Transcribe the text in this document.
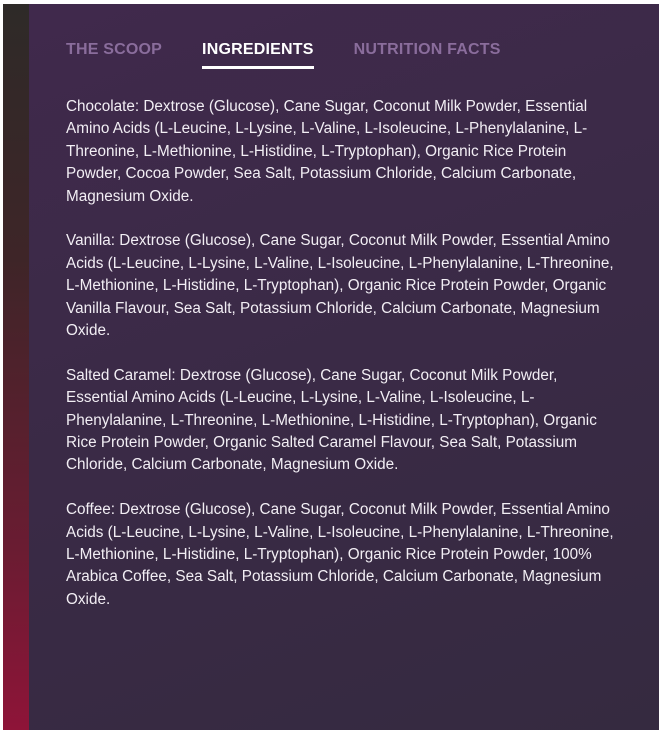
THE SCOOP	INGREDIENTS	NUTRITION FACTS

Chocolate: Dextrose (Glucose), Cane Sugar, Coconut Milk Powder, Essential Amino Acids (L-Leucine, L-Lysine, L-Valine, L-Isoleucine, L-Phenylalanine, L-Threonine, L-Methionine, L-Histidine, L-Tryptophan), Organic Rice Protein Powder, Cocoa Powder, Sea Salt, Potassium Chloride, Calcium Carbonate, Magnesium Oxide.

Vanilla: Dextrose (Glucose), Cane Sugar, Coconut Milk Powder, Essential Amino Acids (L-Leucine, L-Lysine, L-Valine, L-Isoleucine, L-Phenylalanine, L-Threonine, L-Methionine, L-Histidine, L-Tryptophan), Organic Rice Protein Powder, Organic Vanilla Flavour, Sea Salt, Potassium Chloride, Calcium Carbonate, Magnesium Oxide.

Salted Caramel: Dextrose (Glucose), Cane Sugar, Coconut Milk Powder, Essential Amino Acids (L-Leucine, L-Lysine, L-Valine, L-Isoleucine, L-Phenylalanine, L-Threonine, L-Methionine, L-Histidine, L-Tryptophan), Organic Rice Protein Powder, Organic Salted Caramel Flavour, Sea Salt, Potassium Chloride, Calcium Carbonate, Magnesium Oxide.

Coffee: Dextrose (Glucose), Cane Sugar, Coconut Milk Powder, Essential Amino Acids (L-Leucine, L-Lysine, L-Valine, L-Isoleucine, L-Phenylalanine, L-Threonine, L-Methionine, L-Histidine, L-Tryptophan), Organic Rice Protein Powder, 100% Arabica Coffee, Sea Salt, Potassium Chloride, Calcium Carbonate, Magnesium Oxide.
